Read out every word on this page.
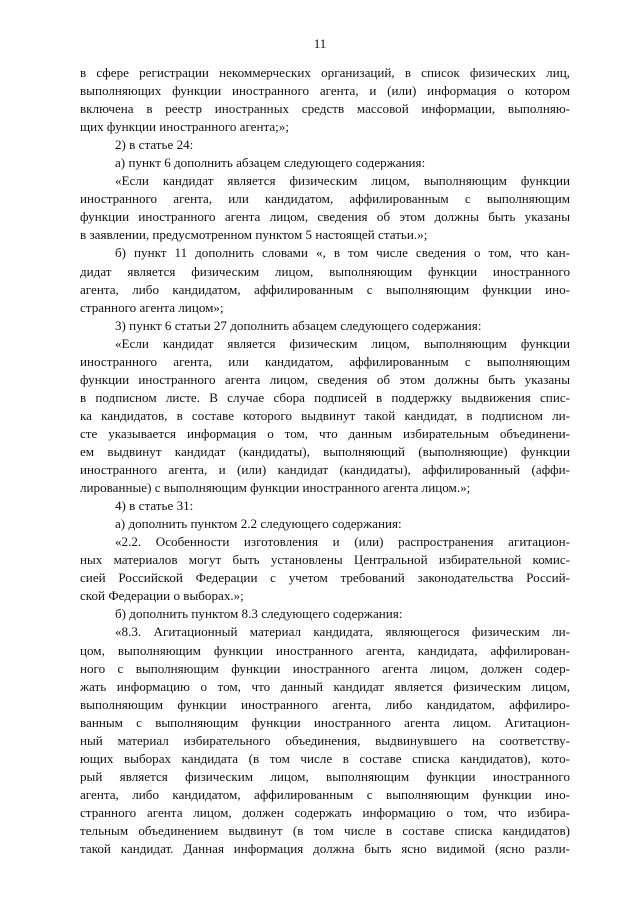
11
в сфере регистрации некоммерческих организаций, в список физических лиц,
выполняющих функции иностранного агента, и (или) информация о котором
включена в реестр иностранных средств массовой информации, выполняю-
щих функции иностранного агента;»;
2) в статье 24:
а) пункт 6 дополнить абзацем следующего содержания:
«Если кандидат является физическим лицом, выполняющим функции
иностранного агента, или кандидатом, аффилированным с выполняющим
функции иностранного агента лицом, сведения об этом должны быть указаны
в заявлении, предусмотренном пунктом 5 настоящей статьи.»;
б) пункт 11 дополнить словами «, в том числе сведения о том, что кан-
дидат является физическим лицом, выполняющим функции иностранного
агента, либо кандидатом, аффилированным с выполняющим функции ино-
странного агента лицом»;
3) пункт 6 статьи 27 дополнить абзацем следующего содержания:
«Если кандидат является физическим лицом, выполняющим функции
иностранного агента, или кандидатом, аффилированным с выполняющим
функции иностранного агента лицом, сведения об этом должны быть указаны
в подписном листе. В случае сбора подписей в поддержку выдвижения спис-
ка кандидатов, в составе которого выдвинут такой кандидат, в подписном ли-
сте указывается информация о том, что данным избирательным объединени-
ем выдвинут кандидат (кандидаты), выполняющий (выполняющие) функции
иностранного агента, и (или) кандидат (кандидаты), аффилированный (аффи-
лированные) с выполняющим функции иностранного агента лицом.»;
4) в статье 31:
а) дополнить пунктом 2.2 следующего содержания:
«2.2. Особенности изготовления и (или) распространения агитацион-
ных материалов могут быть установлены Центральной избирательной комис-
сией Российской Федерации с учетом требований законодательства Россий-
ской Федерации о выборах.»;
б) дополнить пунктом 8.3 следующего содержания:
«8.3. Агитационный материал кандидата, являющегося физическим ли-
цом, выполняющим функции иностранного агента, кандидата, аффилирован-
ного с выполняющим функции иностранного агента лицом, должен содер-
жать информацию о том, что данный кандидат является физическим лицом,
выполняющим функции иностранного агента, либо кандидатом, аффилиро-
ванным с выполняющим функции иностранного агента лицом. Агитацион-
ный материал избирательного объединения, выдвинувшего на соответству-
ющих выборах кандидата (в том числе в составе списка кандидатов), кото-
рый является физическим лицом, выполняющим функции иностранного
агента, либо кандидатом, аффилированным с выполняющим функции ино-
странного агента лицом, должен содержать информацию о том, что избира-
тельным объединением выдвинут (в том числе в составе списка кандидатов)
такой кандидат. Данная информация должна быть ясно видимой (ясно разли-
